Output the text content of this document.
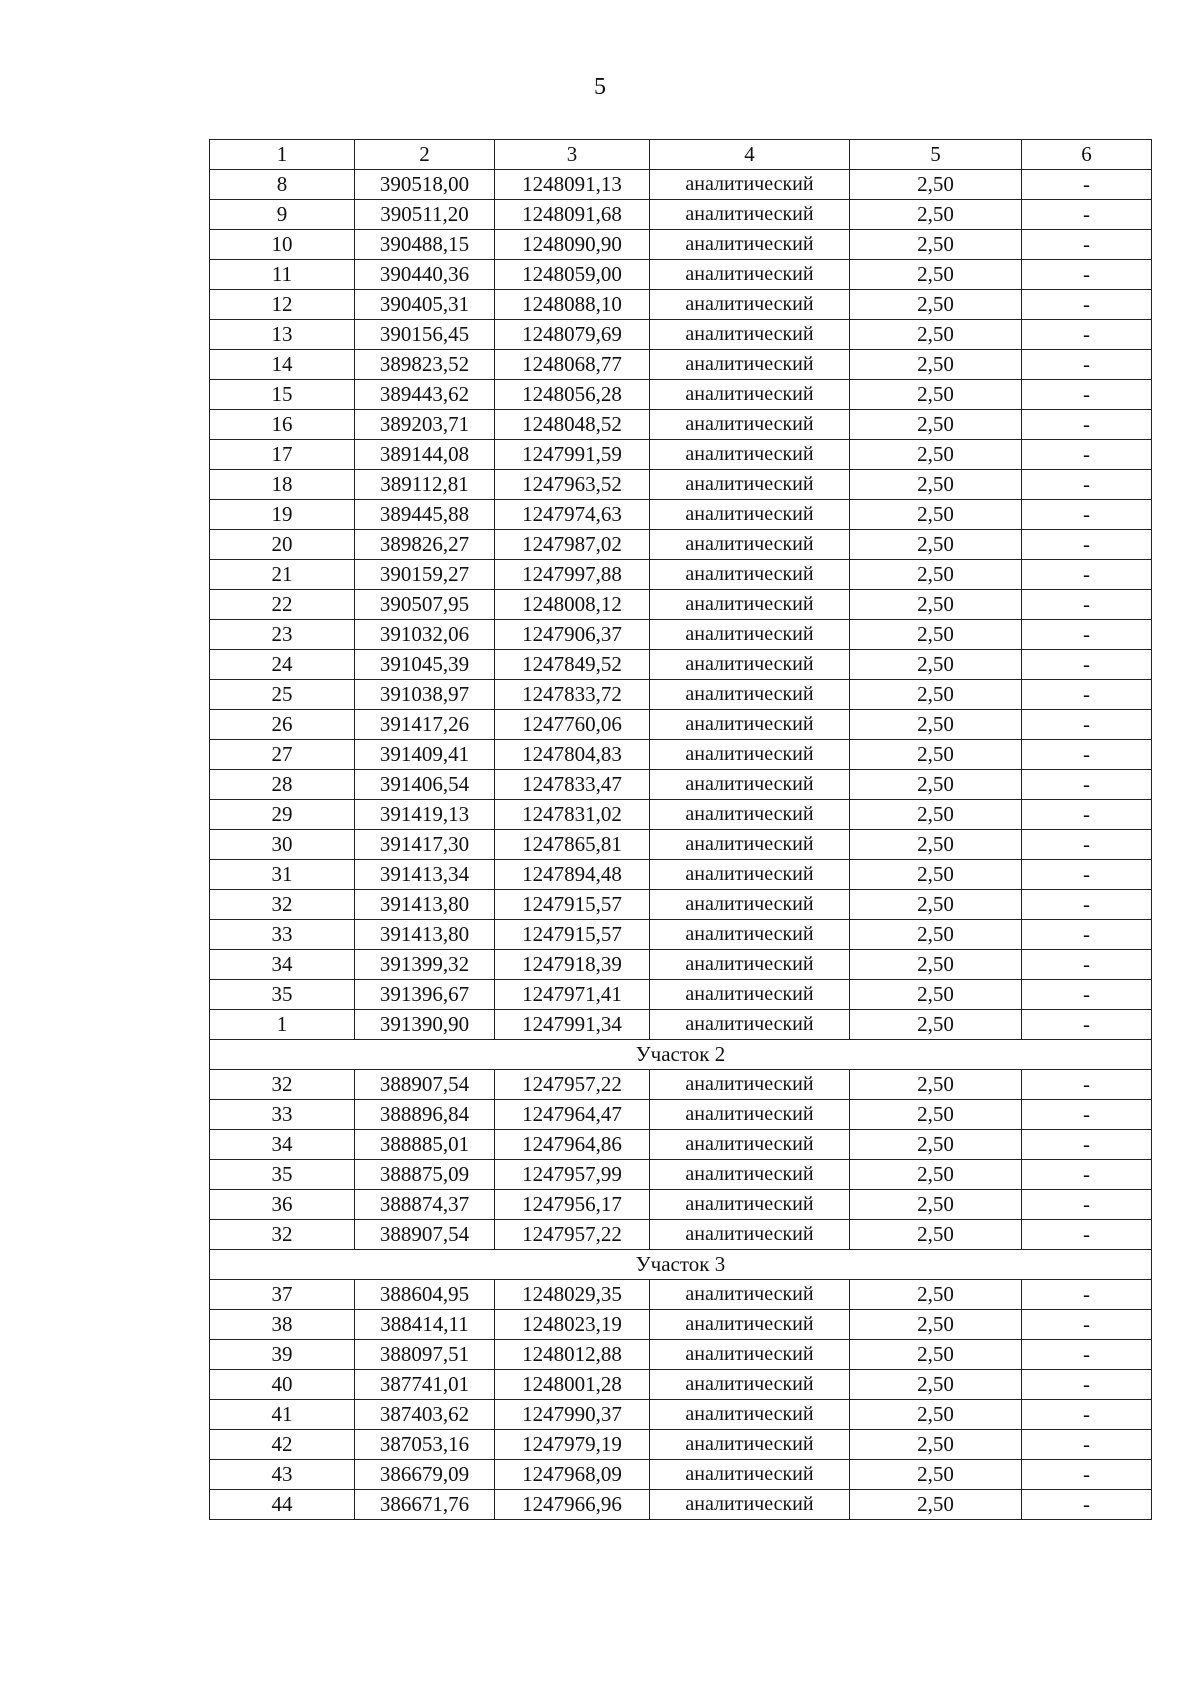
5
1	2	3	4	5	6
8	390518,00	1248091,13	аналитический	2,50	-
9	390511,20	1248091,68	аналитический	2,50	-
10	390488,15	1248090,90	аналитический	2,50	-
11	390440,36	1248059,00	аналитический	2,50	-
12	390405,31	1248088,10	аналитический	2,50	-
13	390156,45	1248079,69	аналитический	2,50	-
14	389823,52	1248068,77	аналитический	2,50	-
15	389443,62	1248056,28	аналитический	2,50	-
16	389203,71	1248048,52	аналитический	2,50	-
17	389144,08	1247991,59	аналитический	2,50	-
18	389112,81	1247963,52	аналитический	2,50	-
19	389445,88	1247974,63	аналитический	2,50	-
20	389826,27	1247987,02	аналитический	2,50	-
21	390159,27	1247997,88	аналитический	2,50	-
22	390507,95	1248008,12	аналитический	2,50	-
23	391032,06	1247906,37	аналитический	2,50	-
24	391045,39	1247849,52	аналитический	2,50	-
25	391038,97	1247833,72	аналитический	2,50	-
26	391417,26	1247760,06	аналитический	2,50	-
27	391409,41	1247804,83	аналитический	2,50	-
28	391406,54	1247833,47	аналитический	2,50	-
29	391419,13	1247831,02	аналитический	2,50	-
30	391417,30	1247865,81	аналитический	2,50	-
31	391413,34	1247894,48	аналитический	2,50	-
32	391413,80	1247915,57	аналитический	2,50	-
33	391413,80	1247915,57	аналитический	2,50	-
34	391399,32	1247918,39	аналитический	2,50	-
35	391396,67	1247971,41	аналитический	2,50	-
1	391390,90	1247991,34	аналитический	2,50	-
Участок 2					
32	388907,54	1247957,22	аналитический	2,50	-
33	388896,84	1247964,47	аналитический	2,50	-
34	388885,01	1247964,86	аналитический	2,50	-
35	388875,09	1247957,99	аналитический	2,50	-
36	388874,37	1247956,17	аналитический	2,50	-
32	388907,54	1247957,22	аналитический	2,50	-
Участок 3					
37	388604,95	1248029,35	аналитический	2,50	-
38	388414,11	1248023,19	аналитический	2,50	-
39	388097,51	1248012,88	аналитический	2,50	-
40	387741,01	1248001,28	аналитический	2,50	-
41	387403,62	1247990,37	аналитический	2,50	-
42	387053,16	1247979,19	аналитический	2,50	-
43	386679,09	1247968,09	аналитический	2,50	-
44	386671,76	1247966,96	аналитический	2,50	-
